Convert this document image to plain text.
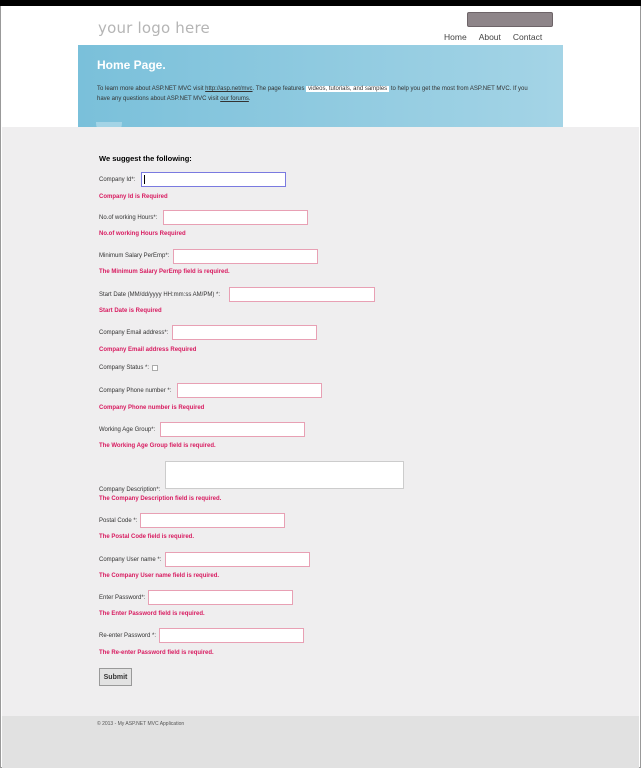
your logo here	Home About Contact
Home Page.
To learn more about ASP.NET MVC visit http://asp.net/mvc. The page features videos, tutorials, and samples to help you get the most from ASP.NET MVC. If you have any questions about ASP.NET MVC visit our forums.
We suggest the following:
Company Id*:
Company Id is Required
No.of working Hours*:
No.of working Hours Required
Minimum Salary PerEmp*:
The Minimum Salary PerEmp field is required.
Start Date (MM/dd/yyyy HH:mm:ss AM/PM) *:
Start Date is Required
Company Email address*:
Company Email address Required
Company Status *:
Company Phone number *:
Company Phone number is Required
Working Age Group*:
The Working Age Group field is required.
Company Description*:
The Company Description field is required.
Postal Code *:
The Postal Code field is required.
Company User name *:
The Company User name field is required.
Enter Password*:
The Enter Password field is required.
Re-enter Password *:
The Re-enter Password field is required.
Submit
© 2013 - My ASP.NET MVC Application
